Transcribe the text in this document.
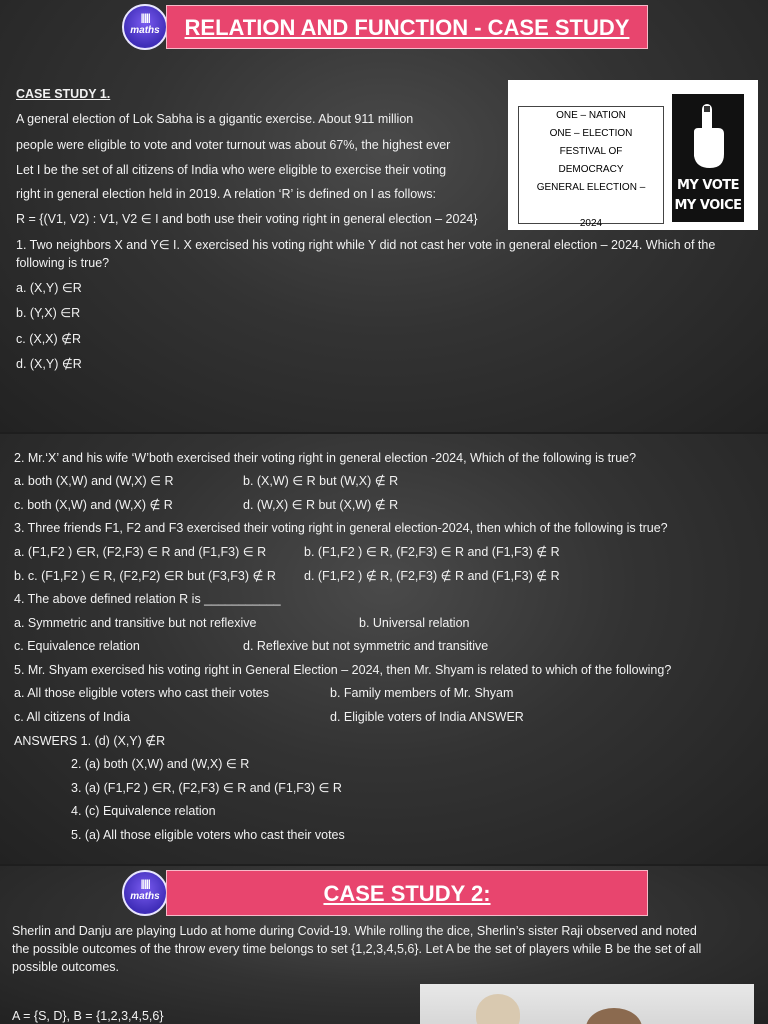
|||||
maths	RELATION AND FUNCTION - CASE STUDY

CASE STUDY 1.

A general election of Lok Sabha is a gigantic exercise. About 911 million

people were eligible to vote and voter turnout was about 67%, the highest ever

Let I be the set of all citizens of India who were eligible to exercise their voting

right in general election held in 2019. A relation ‘R’ is defined on I as follows:

R = {(V1, V2) : V1, V2 ∈ I and both use their voting right in general election – 2024}

ONE – NATION
ONE – ELECTION
FESTIVAL OF
DEMOCRACY
GENERAL ELECTION –

2024
MY VOTE
MY VOICE

1. Two neighbors X and Y∈ I. X exercised his voting right while Y did not cast her vote in general election – 2024. Which of the

following is true?

a. (X,Y) ∈R

b. (Y,X) ∈R

c. (X,X) ∉R

d. (X,Y) ∉R

2. Mr.‘X’ and his wife ‘W’both exercised their voting right in general election -2024, Which of the following is true?

a. both (X,W) and (W,X) ∈ R	b. (X,W) ∈ R but (W,X) ∉ R

c. both (X,W) and (W,X) ∉ R	d. (W,X) ∈ R but (X,W) ∉ R

3. Three friends F1, F2 and F3 exercised their voting right in general election-2024, then which of the following is true?

a. (F1,F2 ) ∈R, (F2,F3) ∈ R and (F1,F3) ∈ R	b. (F1,F2 ) ∈ R, (F2,F3) ∈ R and (F1,F3) ∉ R

b. c. (F1,F2 ) ∈ R, (F2,F2) ∈R but (F3,F3) ∉ R d. (F1,F2 ) ∉ R, (F2,F3) ∉ R and (F1,F3) ∉ R

4. The above defined relation R is ___________

a. Symmetric and transitive but not reflexive	b. Universal relation

c. Equivalence relation	d. Reflexive but not symmetric and transitive

5. Mr. Shyam exercised his voting right in General Election – 2024, then Mr. Shyam is related to which of the following?

a. All those eligible voters who cast their votes	b. Family members of Mr. Shyam

c. All citizens of India	d. Eligible voters of India ANSWER

ANSWERS 1. (d) (X,Y) ∉R

2. (a) both (X,W) and (W,X) ∈ R

3. (a) (F1,F2 ) ∈R, (F2,F3) ∈ R and (F1,F3) ∈ R

4. (c) Equivalence relation

5. (a) All those eligible voters who cast their votes

|||||
maths	CASE STUDY 2:

Sherlin and Danju are playing Ludo at home during Covid-19. While rolling the dice, Sherlin’s sister Raji observed and noted

the possible outcomes of the throw every time belongs to set {1,2,3,4,5,6}. Let A be the set of players while B be the set of all

possible outcomes.

A = {S, D}, B = {1,2,3,4,5,6}
